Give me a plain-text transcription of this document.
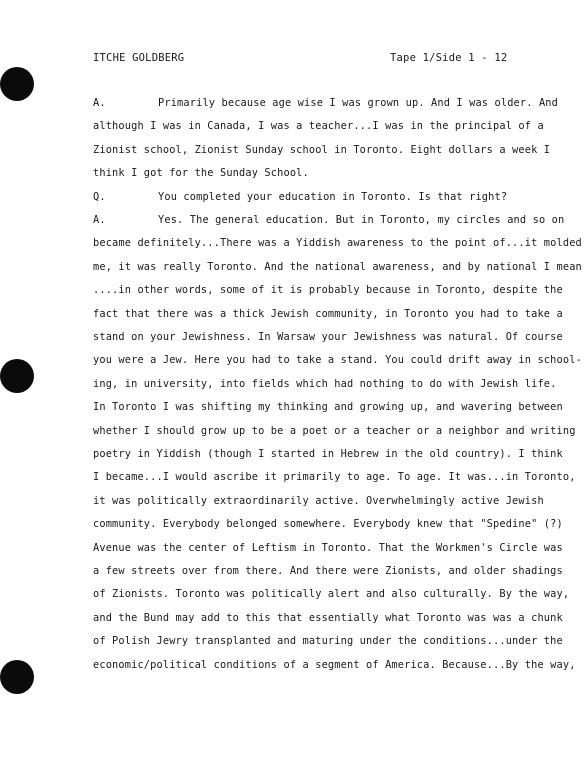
ITCHE GOLDBERG	Tape 1/Side 1 - 12
A.	Primarily because age wise I was grown up. And I was older. And
although I was in Canada, I was a teacher...I was in the principal of a
Zionist school, Zionist Sunday school in Toronto. Eight dollars a week I
think I got for the Sunday School.
Q.	You completed your education in Toronto. Is that right?
A.	Yes. The general education. But in Toronto, my circles and so on
became definitely...There was a Yiddish awareness to the point of...it molded
me, it was really Toronto. And the national awareness, and by national I mean
....in other words, some of it is probably because in Toronto, despite the
fact that there was a thick Jewish community, in Toronto you had to take a
stand on your Jewishness. In Warsaw your Jewishness was natural. Of course
you were a Jew. Here you had to take a stand. You could drift away in school-
ing, in university, into fields which had nothing to do with Jewish life.
In Toronto I was shifting my thinking and growing up, and wavering between
whether I should grow up to be a poet or a teacher or a neighbor and writing
poetry in Yiddish (though I started in Hebrew in the old country). I think
I became...I would ascribe it primarily to age. To age. It was...in Toronto,
it was politically extraordinarily active. Overwhelmingly active Jewish
community. Everybody belonged somewhere. Everybody knew that "Spedine" (?)
Avenue was the center of Leftism in Toronto. That the Workmen's Circle was
a few streets over from there. And there were Zionists, and older shadings
of Zionists. Toronto was politically alert and also culturally. By the way,
and the Bund may add to this that essentially what Toronto was was a chunk
of Polish Jewry transplanted and maturing under the conditions...under the
economic/political conditions of a segment of America. Because...By the way,
